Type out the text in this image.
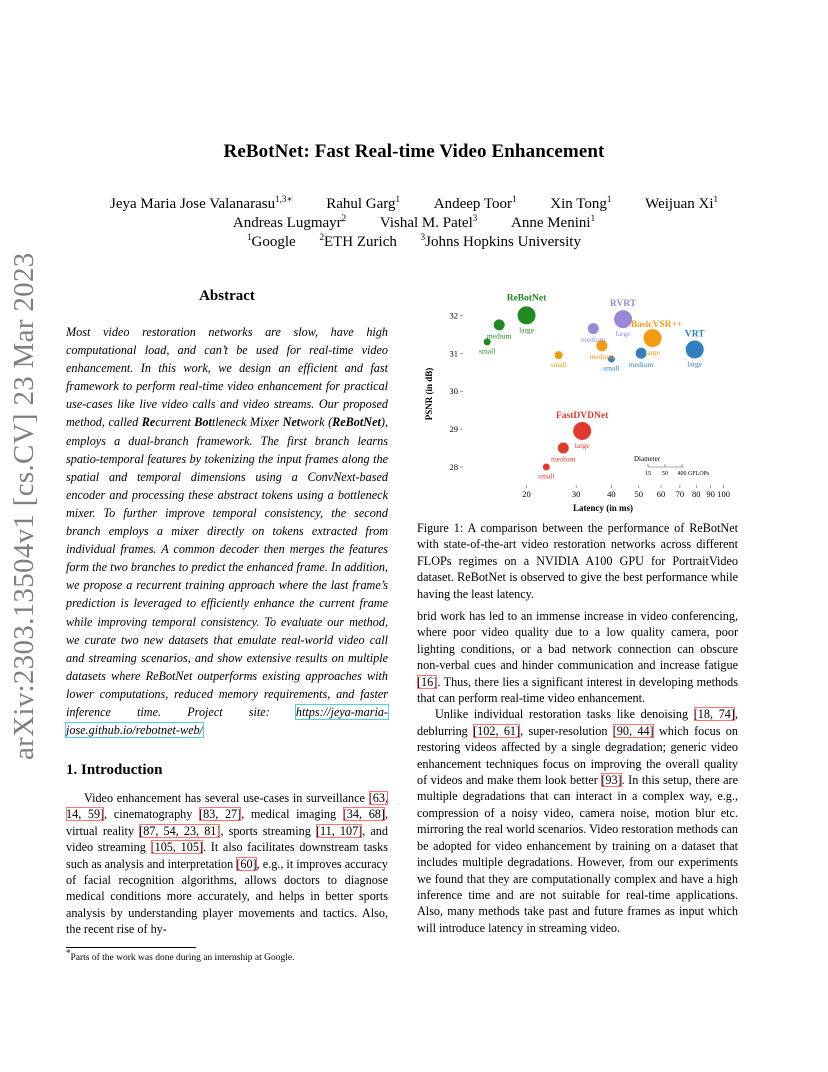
ReBotNet: Fast Real-time Video Enhancement
Jeya Maria Jose Valanarasu$^{1,3∗}$ Rahul Garg$^1$ Andeep Toor$^1$ Xin Tong$^1$ Weijuan Xi$^1$
Andreas Lugmayr$^2$ Vishal M. Patel$^3$ Anne Menini$^1$
$^1$Google	$^2$ETH Zurich	$^3$Johns Hopkins University
arXiv:2303.13504v1 [cs.CV] 23 Mar 2023	Abstract
Most video restoration networks are slow, have high computational load, and can’t be used for real-time video enhancement. In this work, we design an efficient and fast framework to perform real-time video enhancement for practical use-cases like live video calls and video streams. Our proposed method, called Recurrent Bottleneck Mixer Network (ReBotNet), employs a dual-branch framework. The first branch learns spatio-temporal features by tokenizing the input frames along the spatial and temporal dimensions using a ConvNext-based encoder and processing these abstract tokens using a bottleneck mixer. To further improve temporal consistency, the second branch employs a mixer directly on tokens extracted from individual frames. A common decoder then merges the features form the two branches to predict the enhanced frame. In addition, we propose a recurrent training approach where the last frame’s prediction is leveraged to efficiently enhance the current frame while improving temporal consistency. To evaluate our method, we curate two new datasets that emulate real-world video call and streaming scenarios, and show extensive results on multiple datasets where ReBotNet outperforms existing approaches with lower computations, reduced memory requirements, and faster inference time. Project site: https://jeya-maria-jose.github.io/rebotnet-web/
1. Introduction
Video enhancement has several use-cases in surveillance [63, 14, 59], cinematography [83, 27], medical imaging [34, 68], virtual reality [87, 54, 23, 81], sports streaming [11, 107], and video streaming [105, 105]. It also facilitates downstream tasks such as analysis and interpretation [60], e.g., it improves accuracy of facial recognition algorithms, allows doctors to diagnose medical conditions more accurately, and helps in better sports analysis by understanding player movements and tactics. Also, the recent rise of hy-
*Parts of the work was done during an internship at Google.
small
medium
large
ReBotNet
small
medium
large
FastDVDNet
medium
large
RVRT
small
medium	large
BasicVSR++
small medium	large
VRT
28
29
30
31
32
20	30	40 50 60 70 80 90 100
Latency (in ms)
PSNR (in dB)
Diameter
15 50 400 GFLOPs
Figure 1: A comparison between the performance of ReBotNet with state-of-the-art video restoration networks across different FLOPs regimes on a NVIDIA A100 GPU for PortraitVideo dataset. ReBotNet is observed to give the best performance while having the least latency.

brid work has led to an immense increase in video conferencing, where poor video quality due to a low quality camera, poor lighting conditions, or a bad network connection can obscure non-verbal cues and hinder communication and increase fatigue [16]. Thus, there lies a significant interest in developing methods that can perform real-time video enhancement.

Unlike individual restoration tasks like denoising [18, 74], deblurring [102, 61], super-resolution [90, 44] which focus on restoring videos affected by a single degradation; generic video enhancement techniques focus on improving the overall quality of videos and make them look better [93]. In this setup, there are multiple degradations that can interact in a complex way, e.g., compression of a noisy video, camera noise, motion blur etc. mirroring the real world scenarios. Video restoration methods can be adopted for video enhancement by training on a dataset that includes multiple degradations. However, from our experiments we found that they are computationally complex and have a high inference time and are not suitable for real-time applications. Also, many methods take past and future frames as input which will introduce latency in streaming video.
